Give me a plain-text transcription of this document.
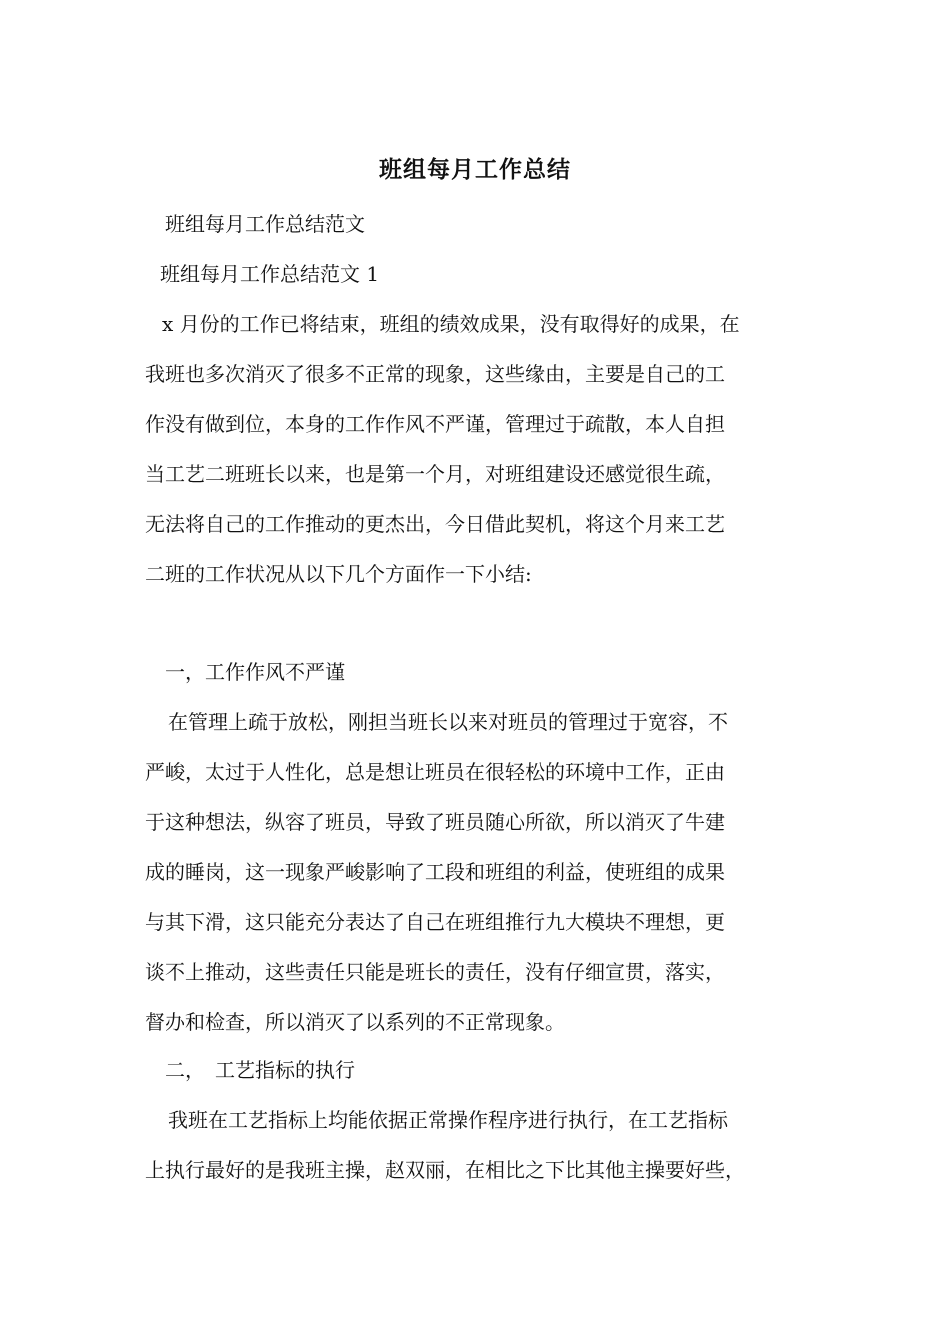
班组每月工作总结
班组每月工作总结范文
班组每月工作总结范文 1
x 月份的工作已将结束，班组的绩效成果，没有取得好的成果，在
我班也多次消灭了很多不正常的现象，这些缘由，主要是自己的工
作没有做到位，本身的工作作风不严谨，管理过于疏散，本人自担
当工艺二班班长以来，也是第一个月，对班组建设还感觉很生疏，
无法将自己的工作推动的更杰出，今日借此契机，将这个月来工艺
二班的工作状况从以下几个方面作一下小结:
一，工作作风不严谨
在管理上疏于放松，刚担当班长以来对班员的管理过于宽容，不
严峻，太过于人性化，总是想让班员在很轻松的环境中工作，正由
于这种想法，纵容了班员，导致了班员随心所欲，所以消灭了牛建
成的睡岗，这一现象严峻影响了工段和班组的利益，使班组的成果
与其下滑，这只能充分表达了自己在班组推行九大模块不理想，更
谈不上推动，这些责任只能是班长的责任，没有仔细宣贯，落实，
督办和检查，所以消灭了以系列的不正常现象。
二，　工艺指标的执行
我班在工艺指标上均能依据正常操作程序进行执行，在工艺指标
上执行最好的是我班主操，赵双丽，在相比之下比其他主操要好些，
